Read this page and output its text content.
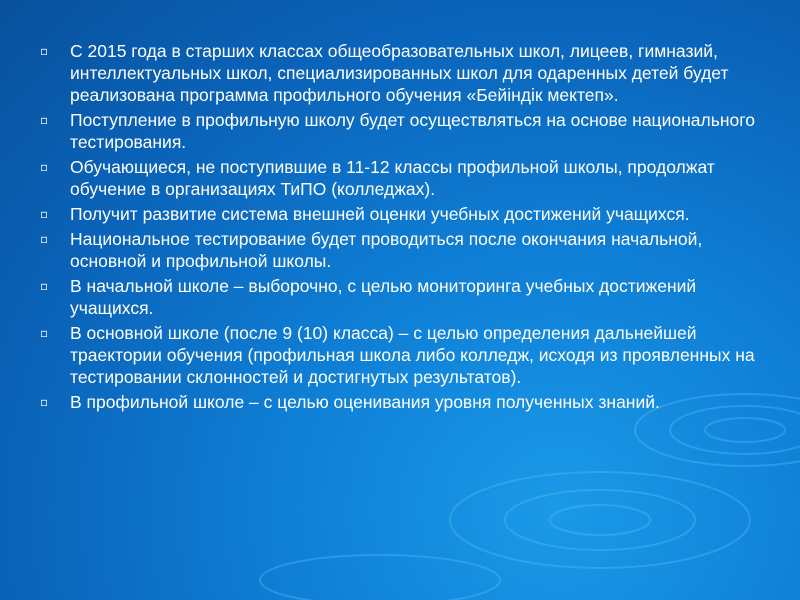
▫	С 2015 года в старших классах общеобразовательных школ, лицеев, гимназий, интеллектуальных школ, специализированных школ для одаренных детей будет реализована программа профильного обучения «Бейіндік мектеп».
▫	Поступление в профильную школу будет осуществляться на основе национального тестирования.
▫	Обучающиеся, не поступившие в 11-12 классы профильной школы, продолжат обучение в организациях ТиПО (колледжах).
▫	Получит развитие система внешней оценки учебных достижений учащихся.
▫	Национальное тестирование будет проводиться после окончания начальной, основной и профильной школы.
▫	В начальной школе – выборочно, с целью мониторинга учебных достижений учащихся.
▫	В основной школе (после 9 (10) класса) – с целью определения дальнейшей траектории обучения (профильная школа либо колледж, исходя из проявленных на тестировании склонностей и достигнутых результатов).
▫	В профильной школе – с целью оценивания уровня полученных знаний.
